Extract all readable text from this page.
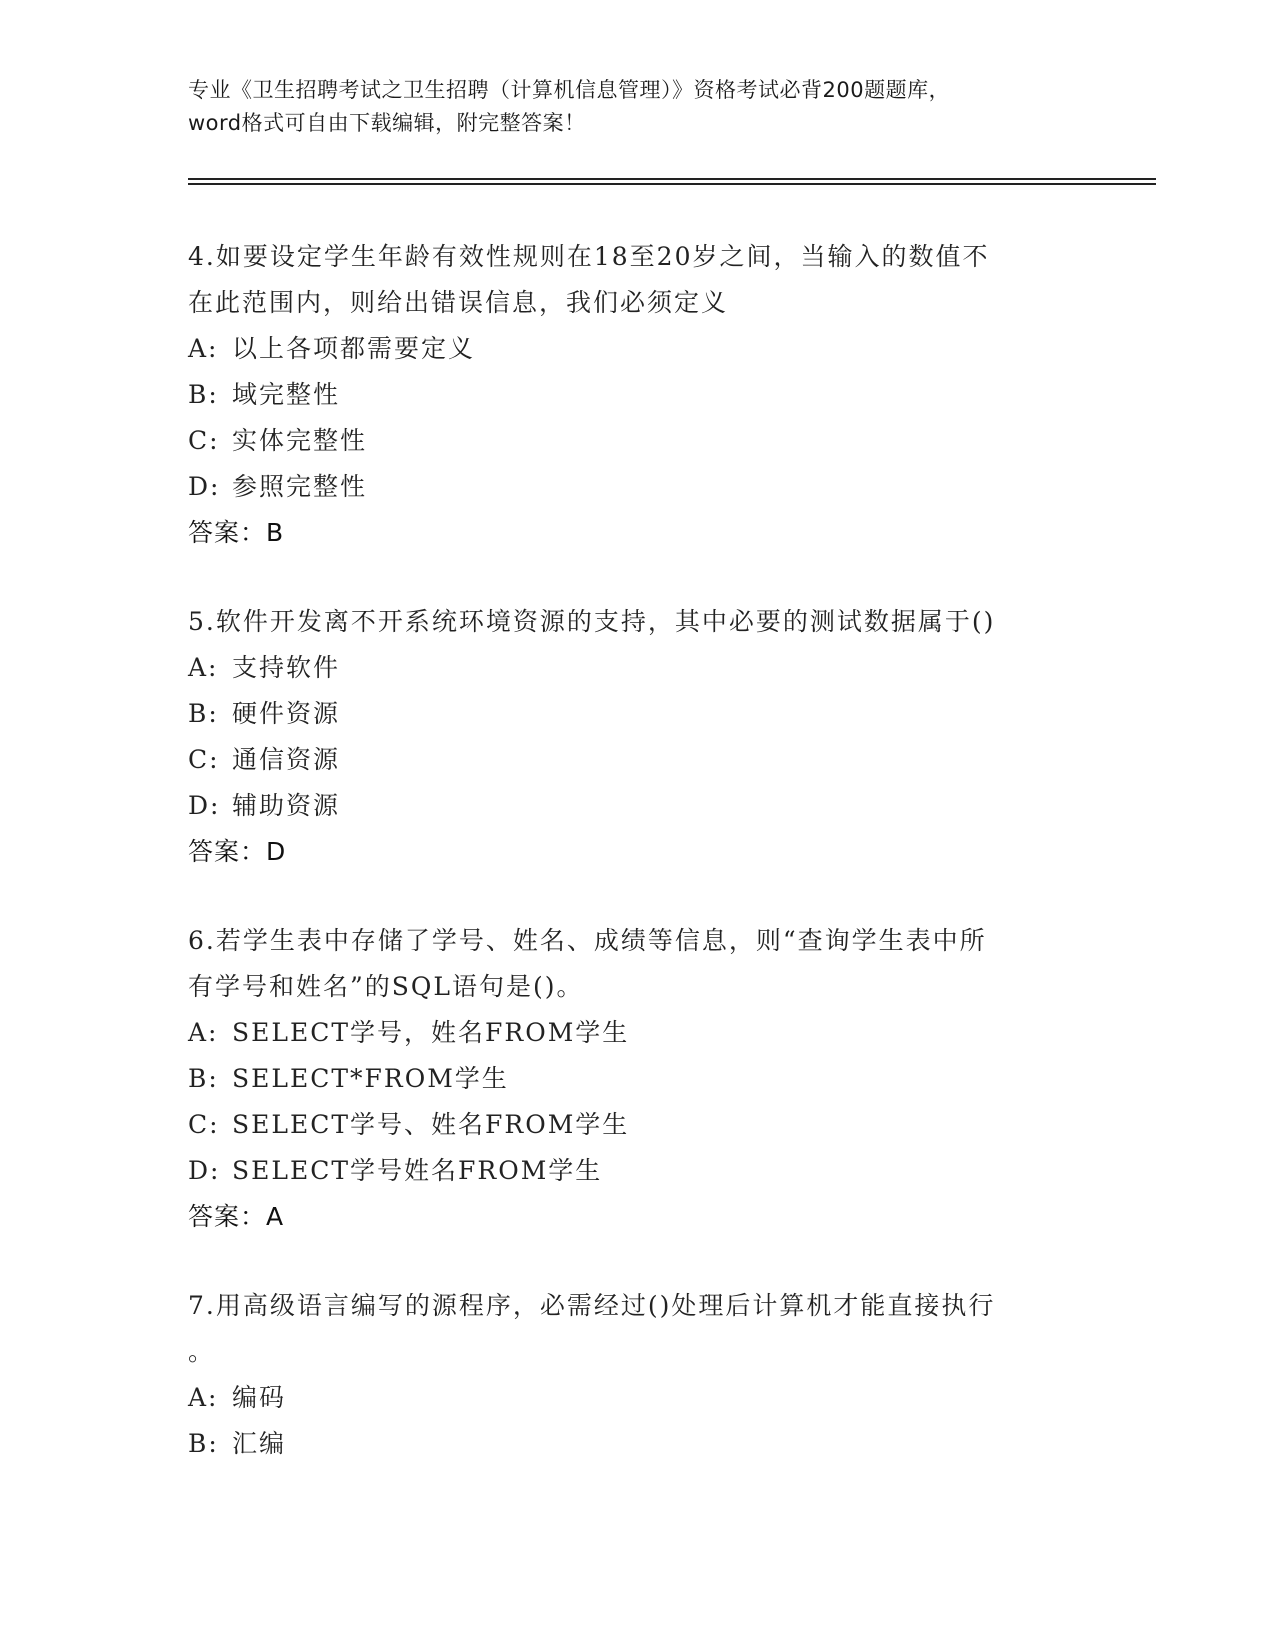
专业《卫生招聘考试之卫生招聘（计算机信息管理）》资格考试必背200题题库，
word格式可自由下载编辑，附完整答案！
4.如要设定学生年龄有效性规则在18至20岁之间，当输入的数值不
在此范围内，则给出错误信息，我们必须定义
A: 以上各项都需要定义
B: 域完整性
C: 实体完整性
D: 参照完整性
答案：B
5.软件开发离不开系统环境资源的支持，其中必要的测试数据属于()
A: 支持软件
B: 硬件资源
C: 通信资源
D: 辅助资源
答案：D
6.若学生表中存储了学号、姓名、成绩等信息，则“查询学生表中所
有学号和姓名”的SQL语句是()。
A: SELECT学号，姓名FROM学生
B: SELECT*FROM学生
C: SELECT学号、姓名FROM学生
D: SELECT学号姓名FROM学生
答案：A
7.用高级语言编写的源程序，必需经过()处理后计算机才能直接执行
。
A: 编码
B: 汇编
